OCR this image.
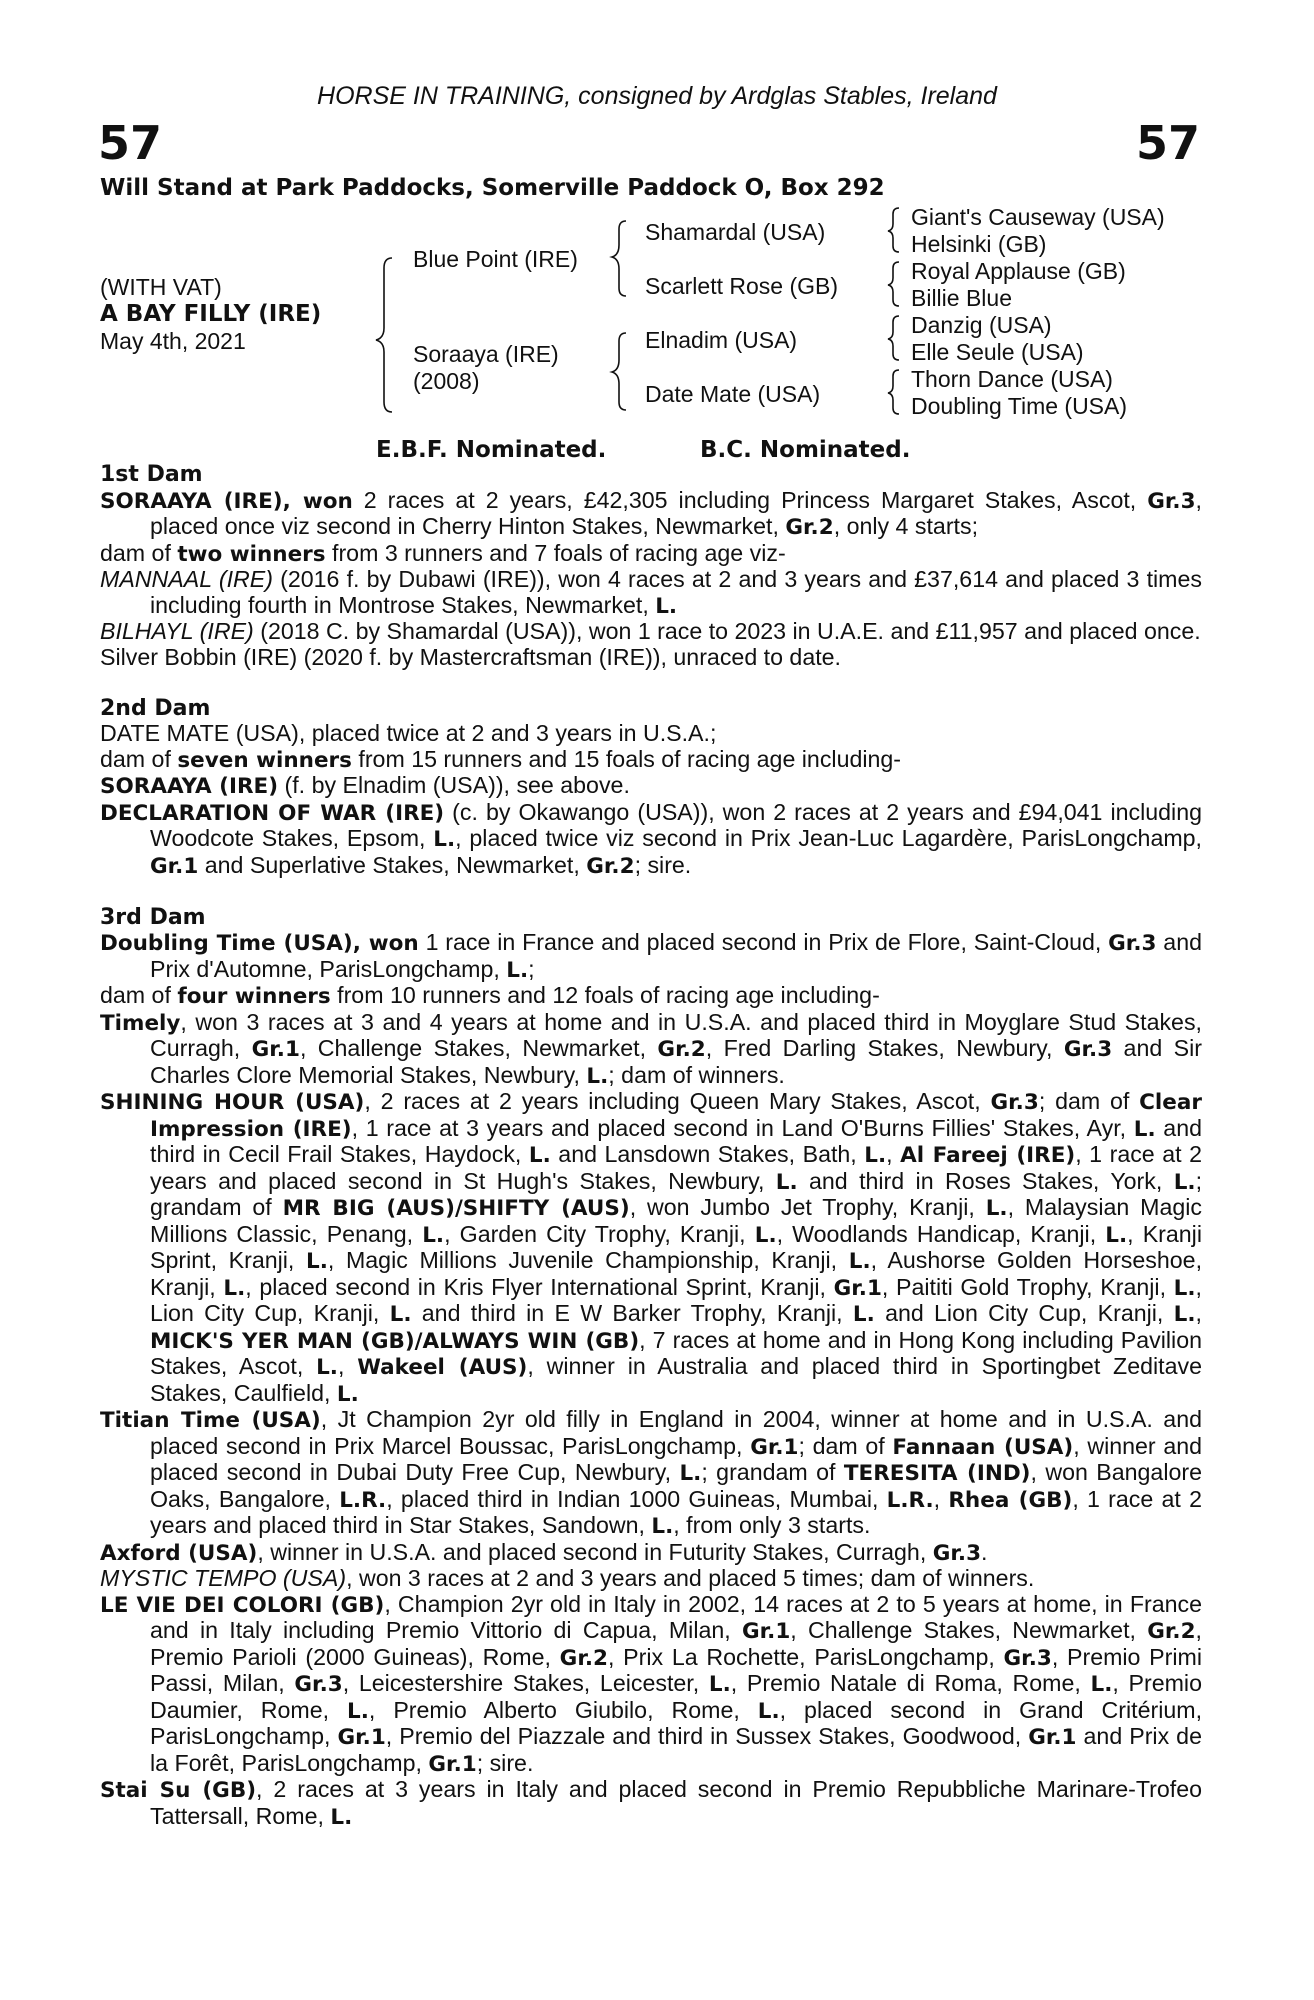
HORSE IN TRAINING, consigned by Ardglas Stables, Ireland
57	57
Will Stand at Park Paddocks, Somerville Paddock O, Box 292
(WITH VAT)
A BAY FILLY (IRE)
May 4th, 2021
Blue Point (IRE)
Soraaya (IRE)
(2008)
Shamardal (USA)
Scarlett Rose (GB)
Elnadim (USA)
Date Mate (USA)
Giant's Causeway (USA)
Helsinki (GB)
Royal Applause (GB)
Billie Blue
Danzig (USA)
Elle Seule (USA)
Thorn Dance (USA)
Doubling Time (USA)
E.B.F. Nominated.	B.C. Nominated.
1st Dam
SORAAYA (IRE), won 2 races at 2 years, £42,305 including Princess Margaret Stakes, Ascot, Gr.3, placed once viz second in Cherry Hinton Stakes, Newmarket, Gr.2, only 4 starts;
dam of two winners from 3 runners and 7 foals of racing age viz-
MANNAAL (IRE) (2016 f. by Dubawi (IRE)), won 4 races at 2 and 3 years and £37,614 and placed 3 times including fourth in Montrose Stakes, Newmarket, L.
BILHAYL (IRE) (2018 C. by Shamardal (USA)), won 1 race to 2023 in U.A.E. and £11,957 and placed once.
Silver Bobbin (IRE) (2020 f. by Mastercraftsman (IRE)), unraced to date.
2nd Dam
DATE MATE (USA), placed twice at 2 and 3 years in U.S.A.;
dam of seven winners from 15 runners and 15 foals of racing age including-
SORAAYA (IRE) (f. by Elnadim (USA)), see above.
DECLARATION OF WAR (IRE) (c. by Okawango (USA)), won 2 races at 2 years and £94,041 including Woodcote Stakes, Epsom, L., placed twice viz second in Prix Jean-Luc Lagardère, ParisLongchamp, Gr.1 and Superlative Stakes, Newmarket, Gr.2; sire.
3rd Dam
Doubling Time (USA), won 1 race in France and placed second in Prix de Flore, Saint-Cloud, Gr.3 and Prix d'Automne, ParisLongchamp, L.;
dam of four winners from 10 runners and 12 foals of racing age including-
Timely, won 3 races at 3 and 4 years at home and in U.S.A. and placed third in Moyglare Stud Stakes, Curragh, Gr.1, Challenge Stakes, Newmarket, Gr.2, Fred Darling Stakes, Newbury, Gr.3 and Sir Charles Clore Memorial Stakes, Newbury, L.; dam of winners.
SHINING HOUR (USA), 2 races at 2 years including Queen Mary Stakes, Ascot, Gr.3; dam of Clear Impression (IRE), 1 race at 3 years and placed second in Land O'Burns Fillies' Stakes, Ayr, L. and third in Cecil Frail Stakes, Haydock, L. and Lansdown Stakes, Bath, L., Al Fareej (IRE), 1 race at 2 years and placed second in St Hugh's Stakes, Newbury, L. and third in Roses Stakes, York, L.; grandam of MR BIG (AUS)/SHIFTY (AUS), won Jumbo Jet Trophy, Kranji, L., Malaysian Magic Millions Classic, Penang, L., Garden City Trophy, Kranji, L., Woodlands Handicap, Kranji, L., Kranji Sprint, Kranji, L., Magic Millions Juvenile Championship, Kranji, L., Aushorse Golden Horseshoe, Kranji, L., placed second in Kris Flyer International Sprint, Kranji, Gr.1, Paititi Gold Trophy, Kranji, L., Lion City Cup, Kranji, L. and third in E W Barker Trophy, Kranji, L. and Lion City Cup, Kranji, L., MICK'S YER MAN (GB)/ALWAYS WIN (GB), 7 races at home and in Hong Kong including Pavilion Stakes, Ascot, L., Wakeel (AUS), winner in Australia and placed third in Sportingbet Zeditave Stakes, Caulfield, L.
Titian Time (USA), Jt Champion 2yr old filly in England in 2004, winner at home and in U.S.A. and placed second in Prix Marcel Boussac, ParisLongchamp, Gr.1; dam of Fannaan (USA), winner and placed second in Dubai Duty Free Cup, Newbury, L.; grandam of TERESITA (IND), won Bangalore Oaks, Bangalore, L.R., placed third in Indian 1000 Guineas, Mumbai, L.R., Rhea (GB), 1 race at 2 years and placed third in Star Stakes, Sandown, L., from only 3 starts.
Axford (USA), winner in U.S.A. and placed second in Futurity Stakes, Curragh, Gr.3.
MYSTIC TEMPO (USA), won 3 races at 2 and 3 years and placed 5 times; dam of winners.
LE VIE DEI COLORI (GB), Champion 2yr old in Italy in 2002, 14 races at 2 to 5 years at home, in France and in Italy including Premio Vittorio di Capua, Milan, Gr.1, Challenge Stakes, Newmarket, Gr.2, Premio Parioli (2000 Guineas), Rome, Gr.2, Prix La Rochette, ParisLongchamp, Gr.3, Premio Primi Passi, Milan, Gr.3, Leicestershire Stakes, Leicester, L., Premio Natale di Roma, Rome, L., Premio Daumier, Rome, L., Premio Alberto Giubilo, Rome, L., placed second in Grand Critérium, ParisLongchamp, Gr.1, Premio del Piazzale and third in Sussex Stakes, Goodwood, Gr.1 and Prix de la Forêt, ParisLongchamp, Gr.1; sire.
Stai Su (GB), 2 races at 3 years in Italy and placed second in Premio Repubbliche Marinare-Trofeo Tattersall, Rome, L.
